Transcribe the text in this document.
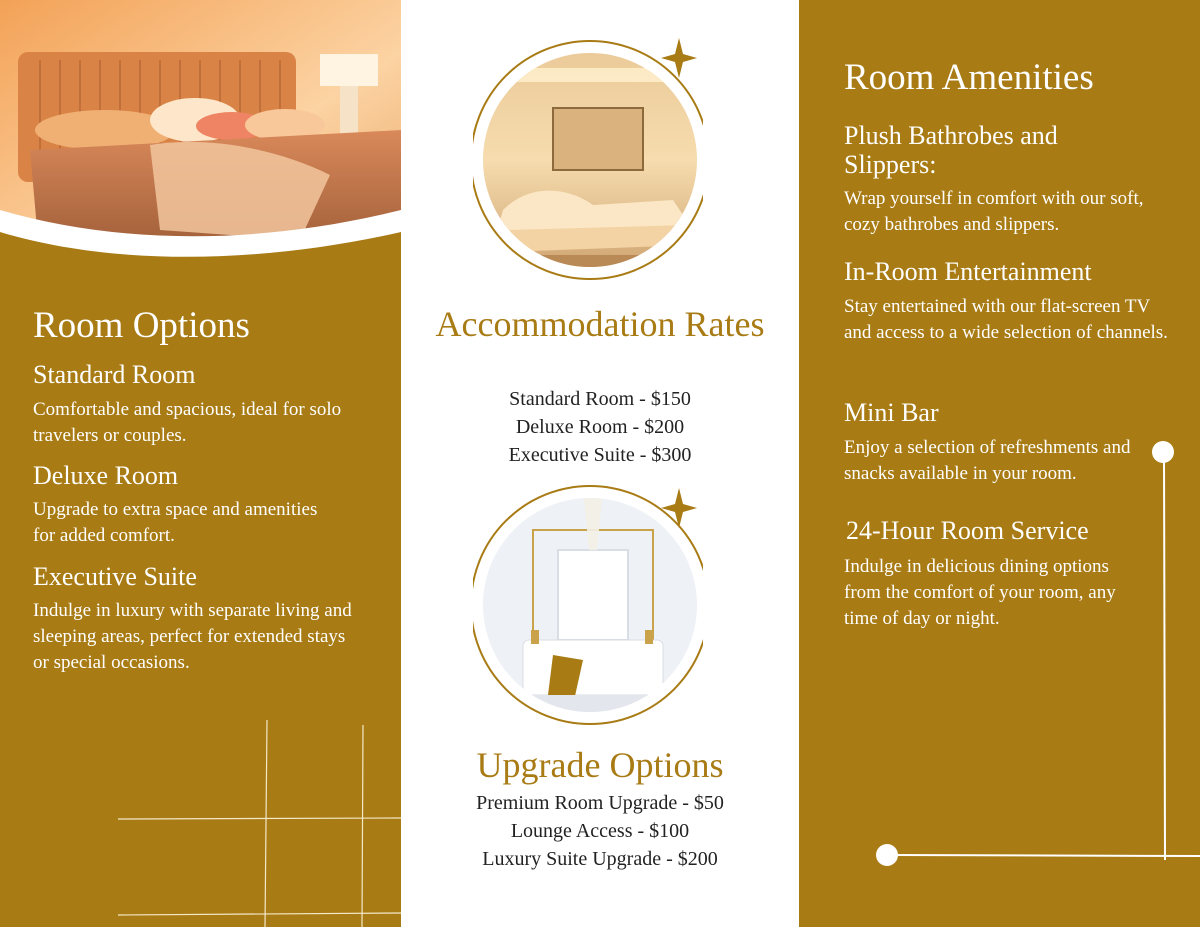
Room Options
Standard Room

Comfortable and spacious, ideal for solo travelers or couples.

Deluxe Room

Upgrade to extra space and amenities for added comfort.

Executive Suite

Indulge in luxury with separate living and sleeping areas, perfect for extended stays or special occasions.

Accommodation Rates

Standard Room - $150

Deluxe Room - $200

Executive Suite - $300

Upgrade Options

Premium Room Upgrade - $50

Lounge Access - $100

Luxury Suite Upgrade - $200

Room Amenities
Plush Bathrobes and Slippers:

Wrap yourself in comfort with our soft, cozy bathrobes and slippers.

In-Room Entertainment

Stay entertained with our flat-screen TV and access to a wide selection of channels.

Mini Bar

Enjoy a selection of refreshments and snacks available in your room.

24-Hour Room Service

Indulge in delicious dining options from the comfort of your room, any time of day or night.
